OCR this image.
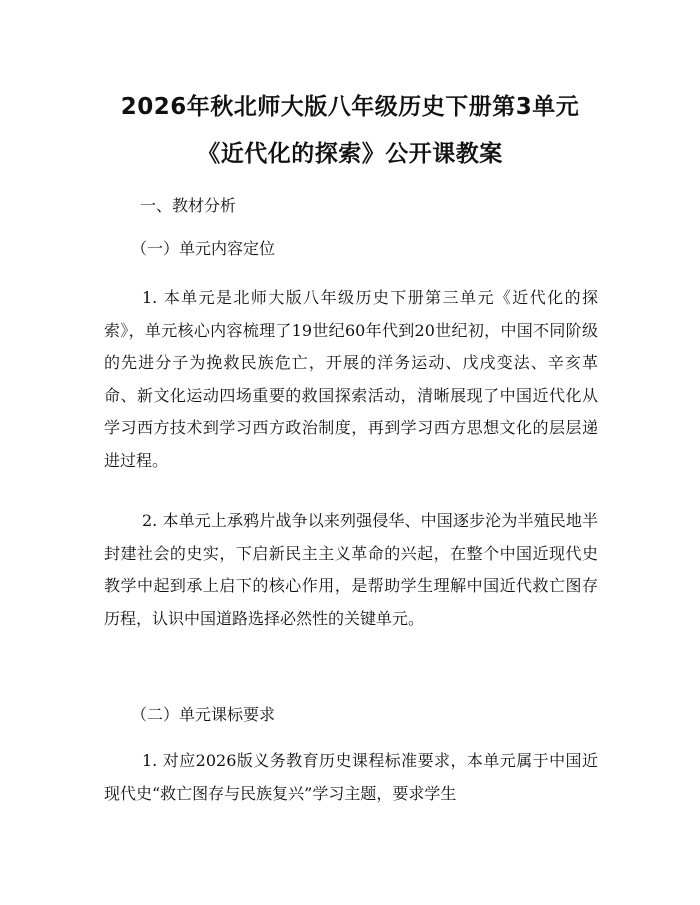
2026年秋北师大版八年级历史下册第3单元
《近代化的探索》公开课教案

一、教材分析

（一）单元内容定位

1. 本单元是北师大版八年级历史下册第三单元《近代化的探索》，单元核心内容梳理了19世纪60年代到20世纪初，中国不同阶级的先进分子为挽救民族危亡，开展的洋务运动、戊戌变法、辛亥革命、新文化运动四场重要的救国探索活动，清晰展现了中国近代化从学习西方技术到学习西方政治制度，再到学习西方思想文化的层层递进过程。

2. 本单元上承鸦片战争以来列强侵华、中国逐步沦为半殖民地半封建社会的史实，下启新民主主义革命的兴起，在整个中国近现代史教学中起到承上启下的核心作用，是帮助学生理解中国近代救亡图存历程，认识中国道路选择必然性的关键单元。

（二）单元课标要求

1. 对应2026版义务教育历史课程标准要求，本单元属于中国近现代史“救亡图存与民族复兴”学习主题，要求学生
